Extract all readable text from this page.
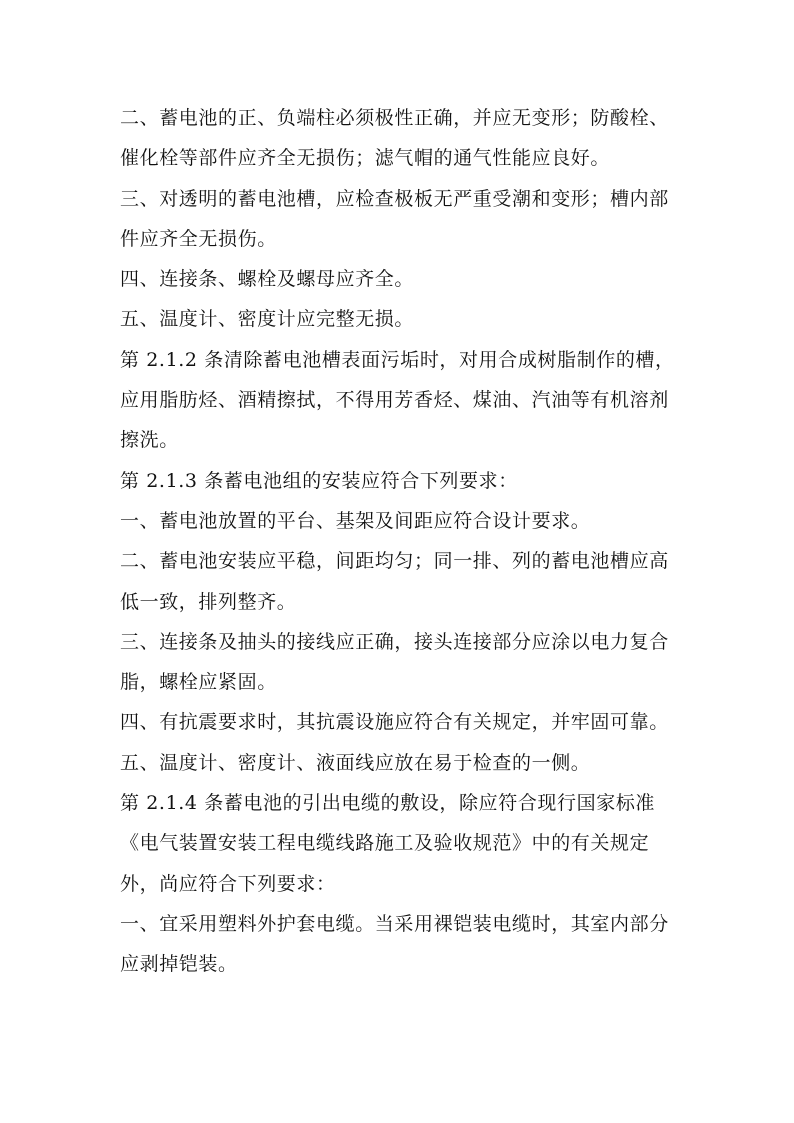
二、蓄电池的正、负端柱必须极性正确，并应无变形；防酸栓、
催化栓等部件应齐全无损伤；滤气帽的通气性能应良好。
三、对透明的蓄电池槽，应检查极板无严重受潮和变形；槽内部
件应齐全无损伤。
四、连接条、螺栓及螺母应齐全。
五、温度计、密度计应完整无损。
第 2.1.2 条清除蓄电池槽表面污垢时，对用合成树脂制作的槽，
应用脂肪烃、酒精擦拭，不得用芳香烃、煤油、汽油等有机溶剂
擦洗。
第 2.1.3 条蓄电池组的安装应符合下列要求：
一、蓄电池放置的平台、基架及间距应符合设计要求。
二、蓄电池安装应平稳，间距均匀；同一排、列的蓄电池槽应高
低一致，排列整齐。
三、连接条及抽头的接线应正确，接头连接部分应涂以电力复合
脂，螺栓应紧固。
四、有抗震要求时，其抗震设施应符合有关规定，并牢固可靠。
五、温度计、密度计、液面线应放在易于检查的一侧。
第 2.1.4 条蓄电池的引出电缆的敷设，除应符合现行国家标准
《电气装置安装工程电缆线路施工及验收规范》中的有关规定
外，尚应符合下列要求：
一、宜采用塑料外护套电缆。当采用裸铠装电缆时，其室内部分
应剥掉铠装。
